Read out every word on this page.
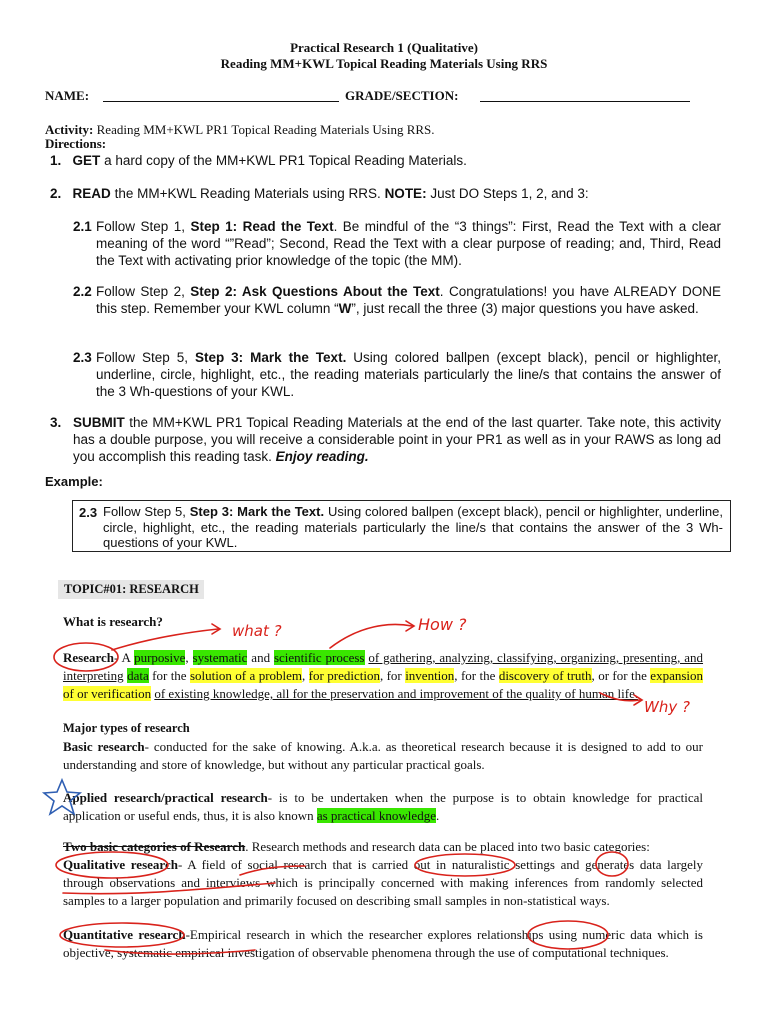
Practical Research 1 (Qualitative)
Reading MM+KWL Topical Reading Materials Using RRS
NAME:	GRADE/SECTION:
Activity: Reading MM+KWL PR1 Topical Reading Materials Using RRS.
Directions:
1. GET a hard copy of the MM+KWL PR1 Topical Reading Materials.
2. READ the MM+KWL Reading Materials using RRS. NOTE: Just DO Steps 1, 2, and 3:
2.1 Follow Step 1, Step 1: Read the Text. Be mindful of the “3 things”: First, Read the Text with a clear meaning of the word “”Read”; Second, Read the Text with a clear purpose of reading; and, Third, Read the Text with activating prior knowledge of the topic (the MM).
2.2 Follow Step 2, Step 2: Ask Questions About the Text. Congratulations! you have ALREADY DONE this step. Remember your KWL column “W”, just recall the three (3) major questions you have asked.
2.3 Follow Step 5, Step 3: Mark the Text. Using colored ballpen (except black), pencil or highlighter, underline, circle, highlight, etc., the reading materials particularly the line/s that contains the answer of the 3 Wh-questions of your KWL.
3. SUBMIT the MM+KWL PR1 Topical Reading Materials at the end of the last quarter. Take note, this activity has a double purpose, you will receive a considerable point in your PR1 as well as in your RAWS as long ad you accomplish this reading task. Enjoy reading.
Example:
2.3 Follow Step 5, Step 3: Mark the Text. Using colored ballpen (except black), pencil or highlighter, underline, circle, highlight, etc., the reading materials particularly the line/s that contains the answer of the 3 Wh-questions of your KWL.
TOPIC#01: RESEARCH
What is research?
Research- A purposive, systematic and scientific process of gathering, analyzing, classifying, organizing, presenting, and interpreting data for the solution of a problem, for prediction, for invention, for the discovery of truth, or for the expansion of or verification of existing knowledge, all for the preservation and improvement of the quality of human life.
Major types of research
Basic research- conducted for the sake of knowing. A.k.a. as theoretical research because it is designed to add to our understanding and store of knowledge, but without any particular practical goals.
Applied research/practical research- is to be undertaken when the purpose is to obtain knowledge for practical application or useful ends, thus, it is also known as practical knowledge.
Two basic categories of Research. Research methods and research data can be placed into two basic categories:
Qualitative research- A field of social research that is carried out in naturalistic settings and generates data largely through observations and interviews which is principally concerned with making inferences from randomly selected samples to a larger population and primarily focused on describing small samples in non-statistical ways.
Quantitative research-Empirical research in which the researcher explores relationships using numeric data which is objective, systematic empirical investigation of observable phenomena through the use of computational techniques.
what ?	How ?
Why ?
